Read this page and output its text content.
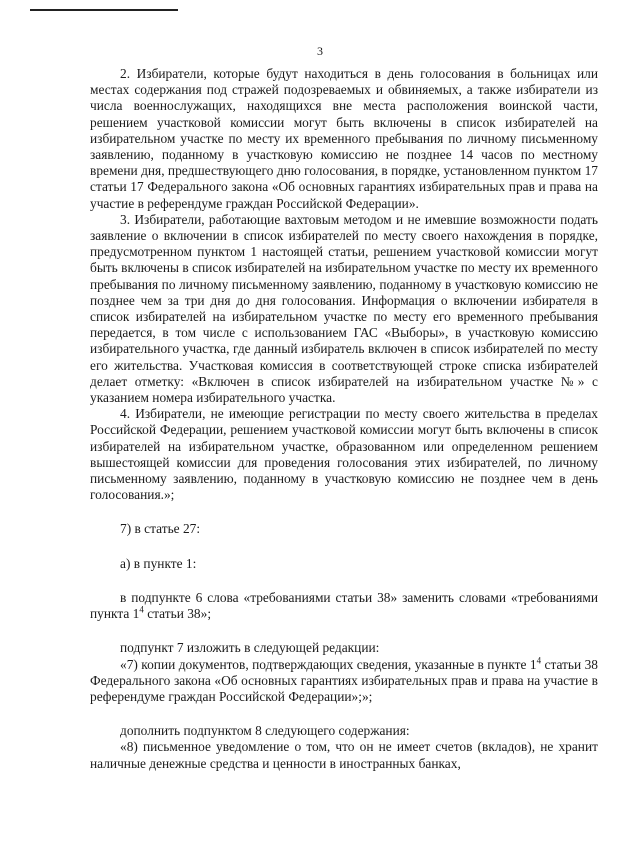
3

2. Избиратели, которые будут находиться в день голосования в больницах или местах содержания под стражей подозреваемых и обвиняемых, а также избиратели из числа военнослужащих, находящихся вне места расположения воинской части, решением участковой комиссии могут быть включены в список избирателей на избирательном участке по месту их временного пребывания по личному письменному заявлению, поданному в участковую комиссию не позднее 14 часов по местному времени дня, предшествующего дню голосования, в порядке, установленном пунктом 17 статьи 17 Федерального закона «Об основных гарантиях избирательных прав и права на участие в референдуме граждан Российской Федерации».

3. Избиратели, работающие вахтовым методом и не имевшие возможности подать заявление о включении в список избирателей по месту своего нахождения в порядке, предусмотренном пунктом 1 настоящей статьи, решением участковой комиссии могут быть включены в список избирателей на избирательном участке по месту их временного пребывания по личному письменному заявлению, поданному в участковую комиссию не позднее чем за три дня до дня голосования. Информация о включении избирателя в список избирателей на избирательном участке по месту его временного пребывания передается, в том числе с использованием ГАС «Выборы», в участковую комиссию избирательного участка, где данный избиратель включен в список избирателей по месту его жительства. Участковая комиссия в соответствующей строке списка избирателей делает отметку: «Включен в список избирателей на избирательном участке №» с указанием номера избирательного участка.

4. Избиратели, не имеющие регистрации по месту своего жительства в пределах Российской Федерации, решением участковой комиссии могут быть включены в список избирателей на избирательном участке, образованном или определенном решением вышестоящей комиссии для проведения голосования этих избирателей, по личному письменному заявлению, поданному в участковую комиссию не позднее чем в день голосования.»;

7) в статье 27:

а) в пункте 1:

в подпункте 6 слова «требованиями статьи 38» заменить словами «требованиями пункта $1^4$ статьи 38»;

подпункт 7 изложить в следующей редакции:

«7) копии документов, подтверждающих сведения, указанные в пункте $1^4$ статьи 38 Федерального закона «Об основных гарантиях избирательных прав и права на участие в референдуме граждан Российской Федерации»;»;

дополнить подпунктом 8 следующего содержания:

«8) письменное уведомление о том, что он не имеет счетов (вкладов), не хранит наличные денежные средства и ценности в иностранных банках,
